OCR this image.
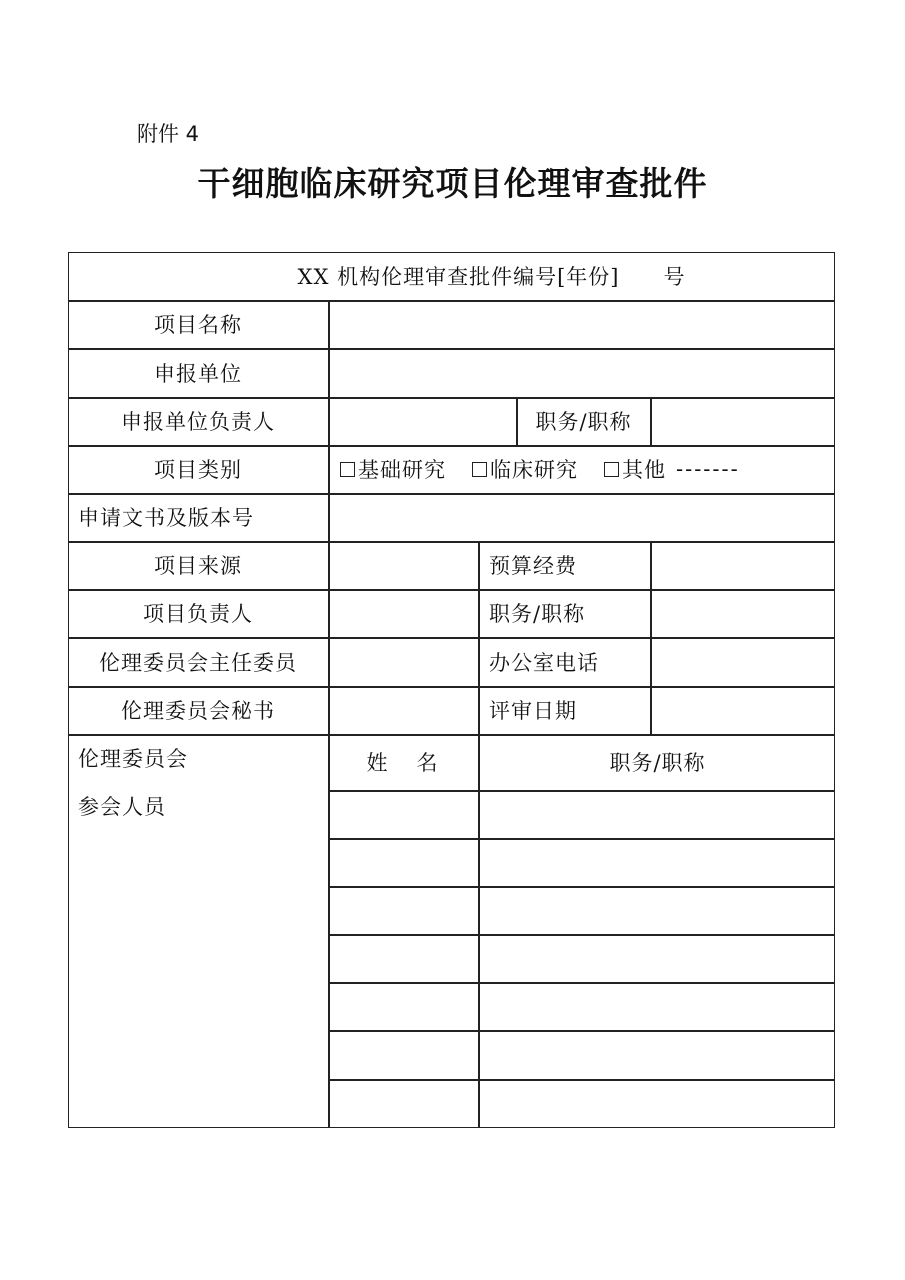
附件 4
干细胞临床研究项目伦理审查批件
XX 机构伦理审查批件编号[年份]　　号
项目名称
申报单位
申报单位负责人	职务/职称
项目类别	基础研究 临床研究 其他 -------
申请文书及版本号
项目来源	预算经费
项目负责人	职务/职称
伦理委员会主任委员	办公室电话
伦理委员会秘书	评审日期
伦理委员会
参会人员
姓　名	职务/职称
